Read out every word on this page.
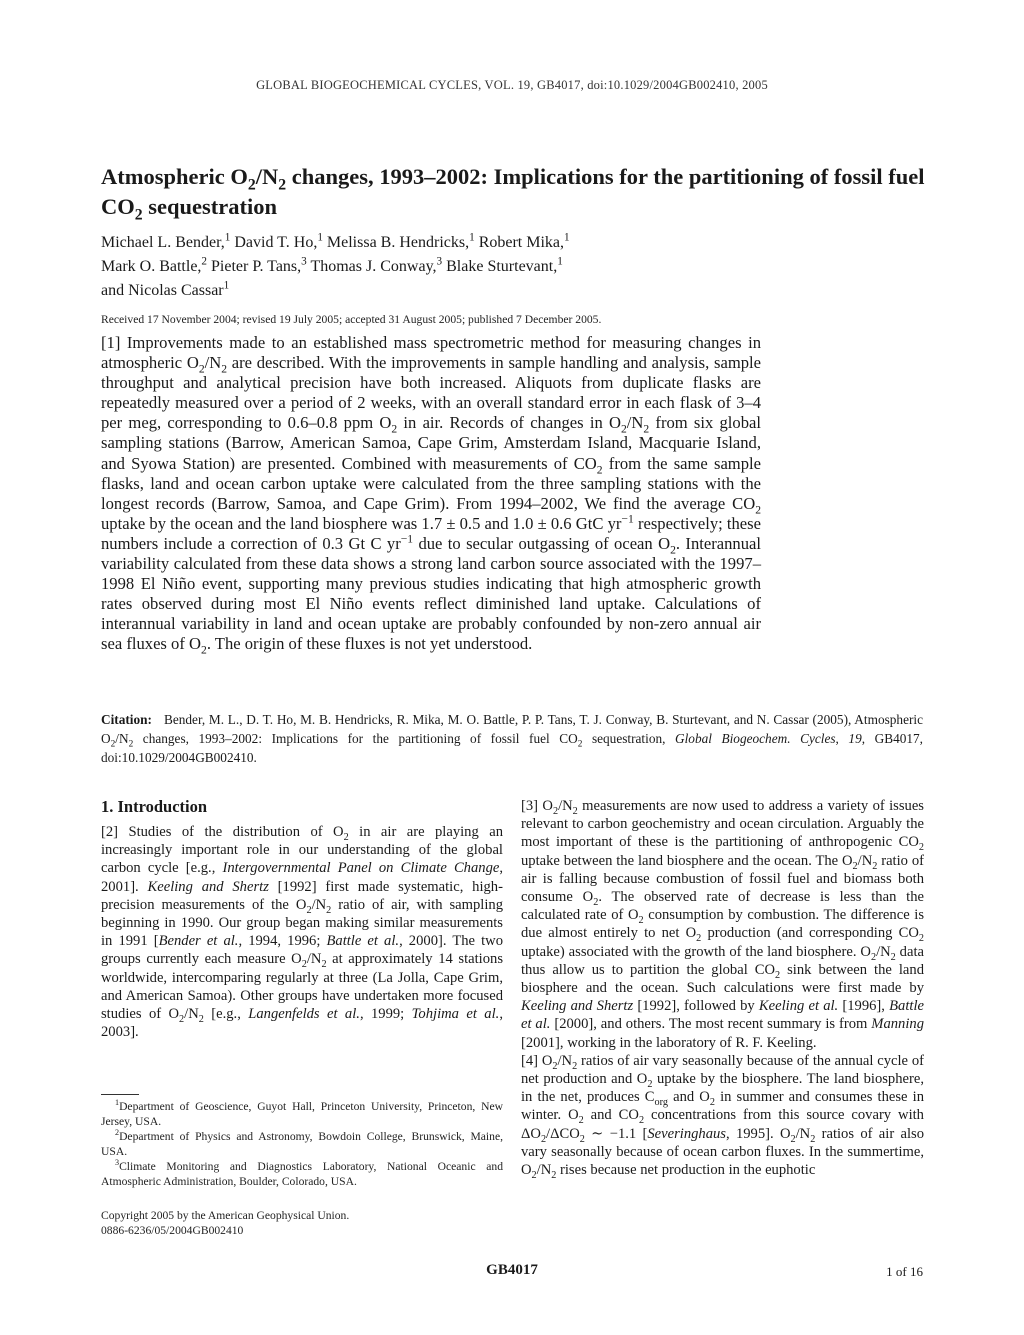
GLOBAL BIOGEOCHEMICAL CYCLES, VOL. 19, GB4017, doi:10.1029/2004GB002410, 2005
Atmospheric $O_2/N_2$ changes, 1993–2002: Implications for the partitioning of fossil fuel $CO_2$ sequestration
Michael L. Bender,$^1$ David T. Ho,$^1$ Melissa B. Hendricks,$^1$ Robert Mika,$^1$
Mark O. Battle,$^2$ Pieter P. Tans,$^3$ Thomas J. Conway,$^3$ Blake Sturtevant,$^1$
and Nicolas Cassar$^1$
Received 17 November 2004; revised 19 July 2005; accepted 31 August 2005; published 7 December 2005.
[1] Improvements made to an established mass spectrometric method for measuring changes in atmospheric $O_2/N_2$ are described. With the improvements in sample handling and analysis, sample throughput and analytical precision have both increased. Aliquots from duplicate flasks are repeatedly measured over a period of 2 weeks, with an overall standard error in each flask of 3–4 per meg, corresponding to 0.6–0.8 ppm $O_2$ in air. Records of changes in $O_2/N_2$ from six global sampling stations (Barrow, American Samoa, Cape Grim, Amsterdam Island, Macquarie Island, and Syowa Station) are presented. Combined with measurements of $CO_2$ from the same sample flasks, land and ocean carbon uptake were calculated from the three sampling stations with the longest records (Barrow, Samoa, and Cape Grim). From 1994–2002, We find the average $CO_2$ uptake by the ocean and the land biosphere was 1.7 ± 0.5 and 1.0 ± 0.6 GtC $yr^{-1}$ respectively; these numbers include a correction of 0.3 Gt C $yr^{-1}$ due to secular outgassing of ocean $O_2$. Interannual variability calculated from these data shows a strong land carbon source associated with the 1997–1998 El Niño event, supporting many previous studies indicating that high atmospheric growth rates observed during most El Niño events reflect diminished land uptake. Calculations of interannual variability in land and ocean uptake are probably confounded by non-zero annual air sea fluxes of $O_2$. The origin of these fluxes is not yet understood.
Citation: Bender, M. L., D. T. Ho, M. B. Hendricks, R. Mika, M. O. Battle, P. P. Tans, T. J. Conway, B. Sturtevant, and N. Cassar (2005), Atmospheric $O_2/N_2$ changes, 1993–2002: Implications for the partitioning of fossil fuel $CO_2$ sequestration, Global Biogeochem. Cycles, 19, GB4017, doi:10.1029/2004GB002410.
1. Introduction

[2] Studies of the distribution of $O_2$ in air are playing an increasingly important role in our understanding of the global carbon cycle [e.g., Intergovernmental Panel on Climate Change, 2001]. Keeling and Shertz [1992] first made systematic, high-precision measurements of the $O_2/N_2$ ratio of air, with sampling beginning in 1990. Our group began making similar measurements in 1991 [Bender et al., 1994, 1996; Battle et al., 2000]. The two groups currently each measure $O_2/N_2$ at approximately 14 stations worldwide, intercomparing regularly at three (La Jolla, Cape Grim, and American Samoa). Other groups have undertaken more focused studies of $O_2/N_2$ [e.g., Langenfelds et al., 1999; Tohjima et al., 2003].

$^1$Department of Geoscience, Guyot Hall, Princeton University, Princeton, New Jersey, USA.
$^2$Department of Physics and Astronomy, Bowdoin College, Brunswick, Maine, USA.
$^3$Climate Monitoring and Diagnostics Laboratory, National Oceanic and Atmospheric Administration, Boulder, Colorado, USA.
Copyright 2005 by the American Geophysical Union.
0886-6236/05/2004GB002410

[3] $O_2/N_2$ measurements are now used to address a variety of issues relevant to carbon geochemistry and ocean circulation. Arguably the most important of these is the partitioning of anthropogenic $CO_2$ uptake between the land biosphere and the ocean. The $O_2/N_2$ ratio of air is falling because combustion of fossil fuel and biomass both consume $O_2$. The observed rate of decrease is less than the calculated rate of $O_2$ consumption by combustion. The difference is due almost entirely to net $O_2$ production (and corresponding $CO_2$ uptake) associated with the growth of the land biosphere. $O_2/N_2$ data thus allow us to partition the global $CO_2$ sink between the land biosphere and the ocean. Such calculations were first made by Keeling and Shertz [1992], followed by Keeling et al. [1996], Battle et al. [2000], and others. The most recent summary is from Manning [2001], working in the laboratory of R. F. Keeling.

[4] $O_2/N_2$ ratios of air vary seasonally because of the annual cycle of net production and $O_2$ uptake by the biosphere. The land biosphere, in the net, produces $C_{org}$ and $O_2$ in summer and consumes these in winter. $O_2$ and $CO_2$ concentrations from this source covary with $\Delta O_2/\Delta CO_2$ ∼ −1.1 [Severinghaus, 1995]. $O_2/N_2$ ratios of air also vary seasonally because of ocean carbon fluxes. In the summertime, $O_2/N_2$ rises because net production in the euphotic

GB4017	1 of 16
